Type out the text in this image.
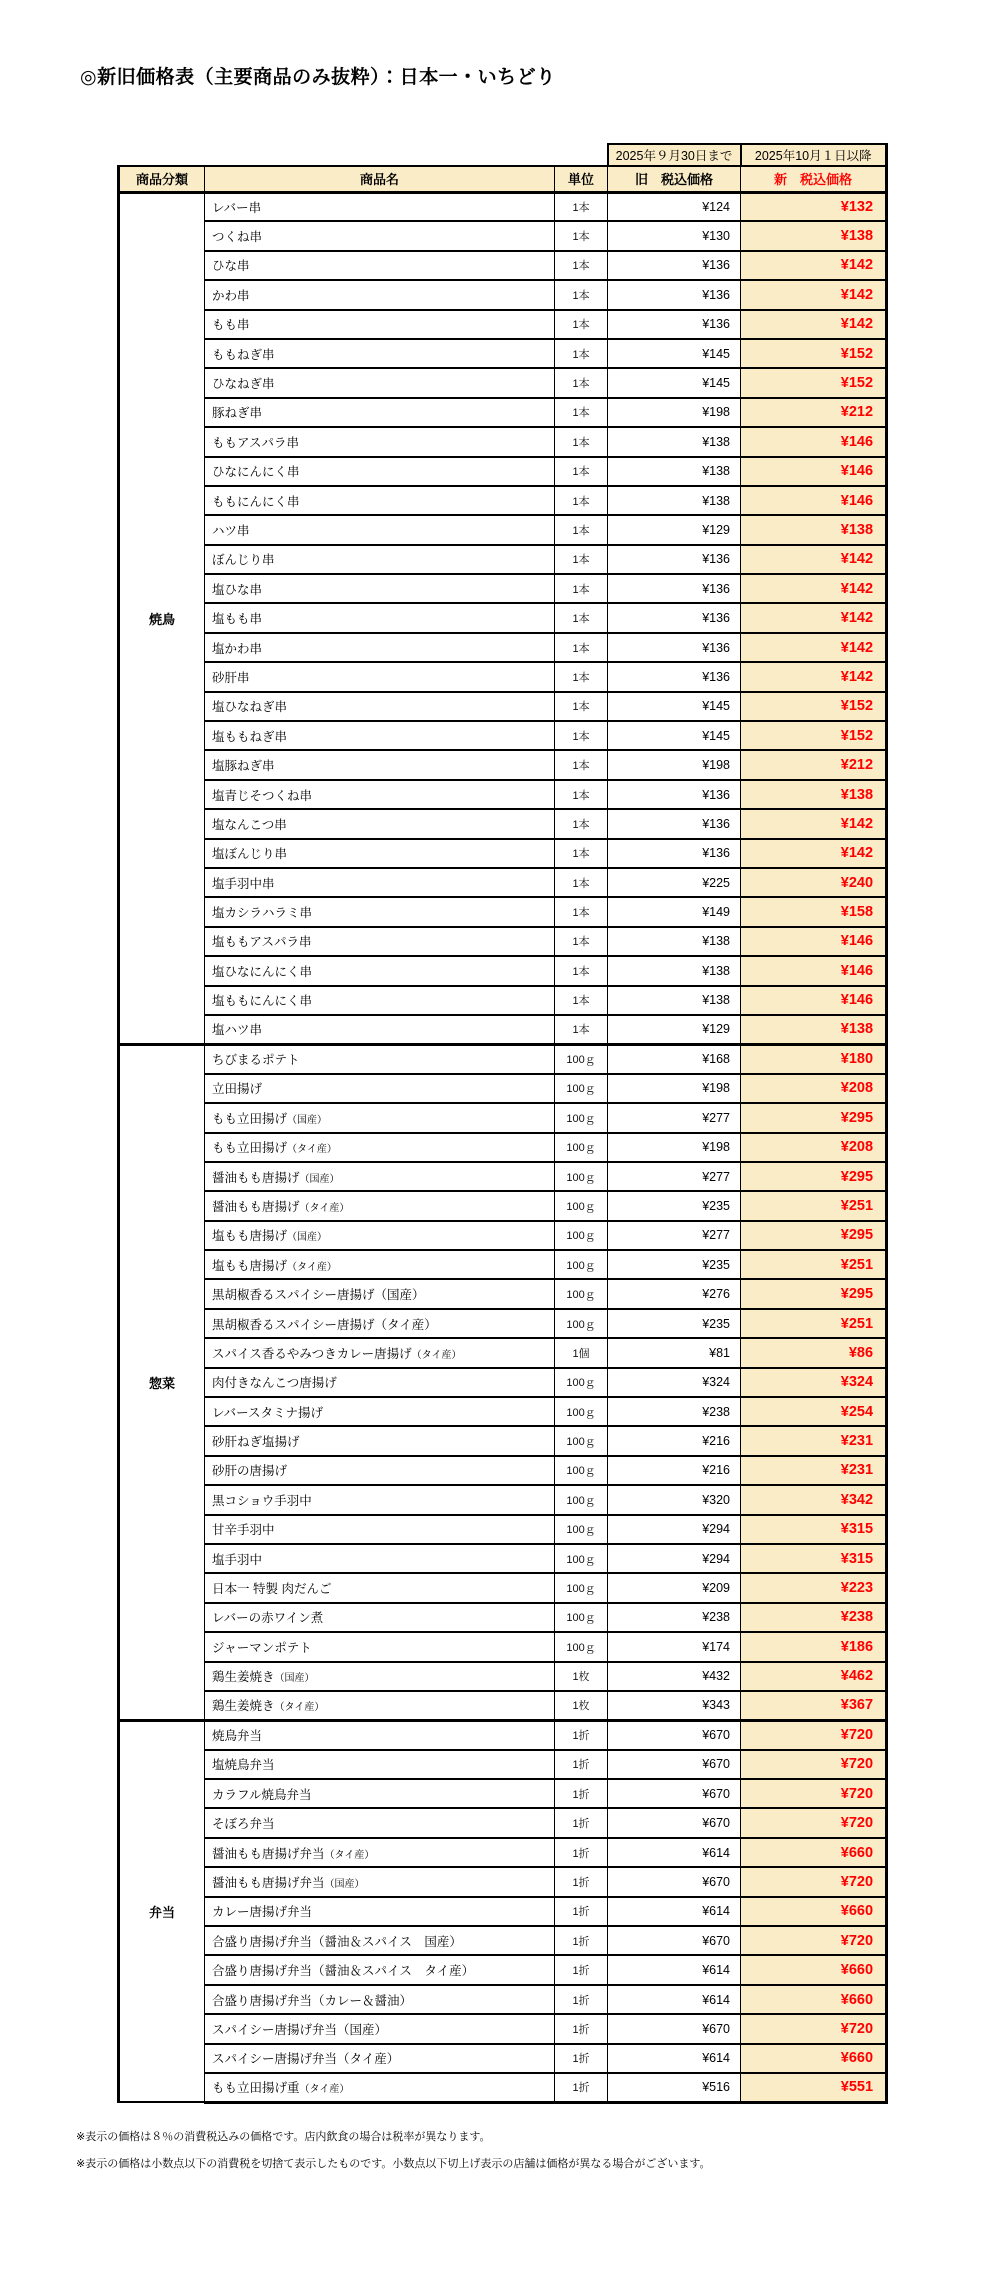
◎新旧価格表（主要商品のみ抜粋）：日本一・いちどり
			2025年９月30日まで	2025年10月１日以降
商品分類	商品名	単位	旧　税込価格	新　税込価格
焼鳥	レバー串	1本	¥124	¥132
	つくね串	1本	¥130	¥138
	ひな串	1本	¥136	¥142
	かわ串	1本	¥136	¥142
	もも串	1本	¥136	¥142
	ももねぎ串	1本	¥145	¥152
	ひなねぎ串	1本	¥145	¥152
	豚ねぎ串	1本	¥198	¥212
	ももアスパラ串	1本	¥138	¥146
	ひなにんにく串	1本	¥138	¥146
	ももにんにく串	1本	¥138	¥146
	ハツ串	1本	¥129	¥138
	ぼんじり串	1本	¥136	¥142
	塩ひな串	1本	¥136	¥142
	塩もも串	1本	¥136	¥142
	塩かわ串	1本	¥136	¥142
	砂肝串	1本	¥136	¥142
	塩ひなねぎ串	1本	¥145	¥152
	塩ももねぎ串	1本	¥145	¥152
	塩豚ねぎ串	1本	¥198	¥212
	塩青じそつくね串	1本	¥136	¥138
	塩なんこつ串	1本	¥136	¥142
	塩ぼんじり串	1本	¥136	¥142
	塩手羽中串	1本	¥225	¥240
	塩カシラハラミ串	1本	¥149	¥158
	塩ももアスパラ串	1本	¥138	¥146
	塩ひなにんにく串	1本	¥138	¥146
	塩ももにんにく串	1本	¥138	¥146
	塩ハツ串	1本	¥129	¥138
惣菜	ちびまるポテト	100ｇ	¥168	¥180
	立田揚げ	100ｇ	¥198	¥208
	もも立田揚げ（国産）	100ｇ	¥277	¥295
	もも立田揚げ（タイ産）	100ｇ	¥198	¥208
	醤油もも唐揚げ（国産）	100ｇ	¥277	¥295
	醤油もも唐揚げ（タイ産）	100ｇ	¥235	¥251
	塩もも唐揚げ（国産）	100ｇ	¥277	¥295
	塩もも唐揚げ（タイ産）	100ｇ	¥235	¥251
	黒胡椒香るスパイシー唐揚げ（国産）	100ｇ	¥276	¥295
	黒胡椒香るスパイシー唐揚げ（タイ産）	100ｇ	¥235	¥251
	スパイス香るやみつきカレー唐揚げ（タイ産）	1個	¥81	¥86
	肉付きなんこつ唐揚げ	100ｇ	¥324	¥324
	レバースタミナ揚げ	100ｇ	¥238	¥254
	砂肝ねぎ塩揚げ	100ｇ	¥216	¥231
	砂肝の唐揚げ	100ｇ	¥216	¥231
	黒コショウ手羽中	100ｇ	¥320	¥342
	甘辛手羽中	100ｇ	¥294	¥315
	塩手羽中	100ｇ	¥294	¥315
	日本一 特製 肉だんご	100ｇ	¥209	¥223
	レバーの赤ワイン煮	100ｇ	¥238	¥238
	ジャーマンポテト	100ｇ	¥174	¥186
	鶏生姜焼き（国産）	1枚	¥432	¥462
	鶏生姜焼き（タイ産）	1枚	¥343	¥367
弁当	焼鳥弁当	1折	¥670	¥720
	塩焼鳥弁当	1折	¥670	¥720
	カラフル焼鳥弁当	1折	¥670	¥720
	そぼろ弁当	1折	¥670	¥720
	醤油もも唐揚げ弁当（タイ産）	1折	¥614	¥660
	醤油もも唐揚げ弁当（国産）	1折	¥670	¥720
	カレー唐揚げ弁当	1折	¥614	¥660
	合盛り唐揚げ弁当（醤油＆スパイス　国産）	1折	¥670	¥720
	合盛り唐揚げ弁当（醤油＆スパイス　タイ産）	1折	¥614	¥660
	合盛り唐揚げ弁当（カレー＆醤油）	1折	¥614	¥660
	スパイシー唐揚げ弁当（国産）	1折	¥670	¥720
	スパイシー唐揚げ弁当（タイ産）	1折	¥614	¥660
	もも立田揚げ重（タイ産）	1折	¥516	¥551
※表示の価格は８％の消費税込みの価格です。店内飲食の場合は税率が異なります。
※表示の価格は小数点以下の消費税を切捨て表示したものです。小数点以下切上げ表示の店舗は価格が異なる場合がございます。
